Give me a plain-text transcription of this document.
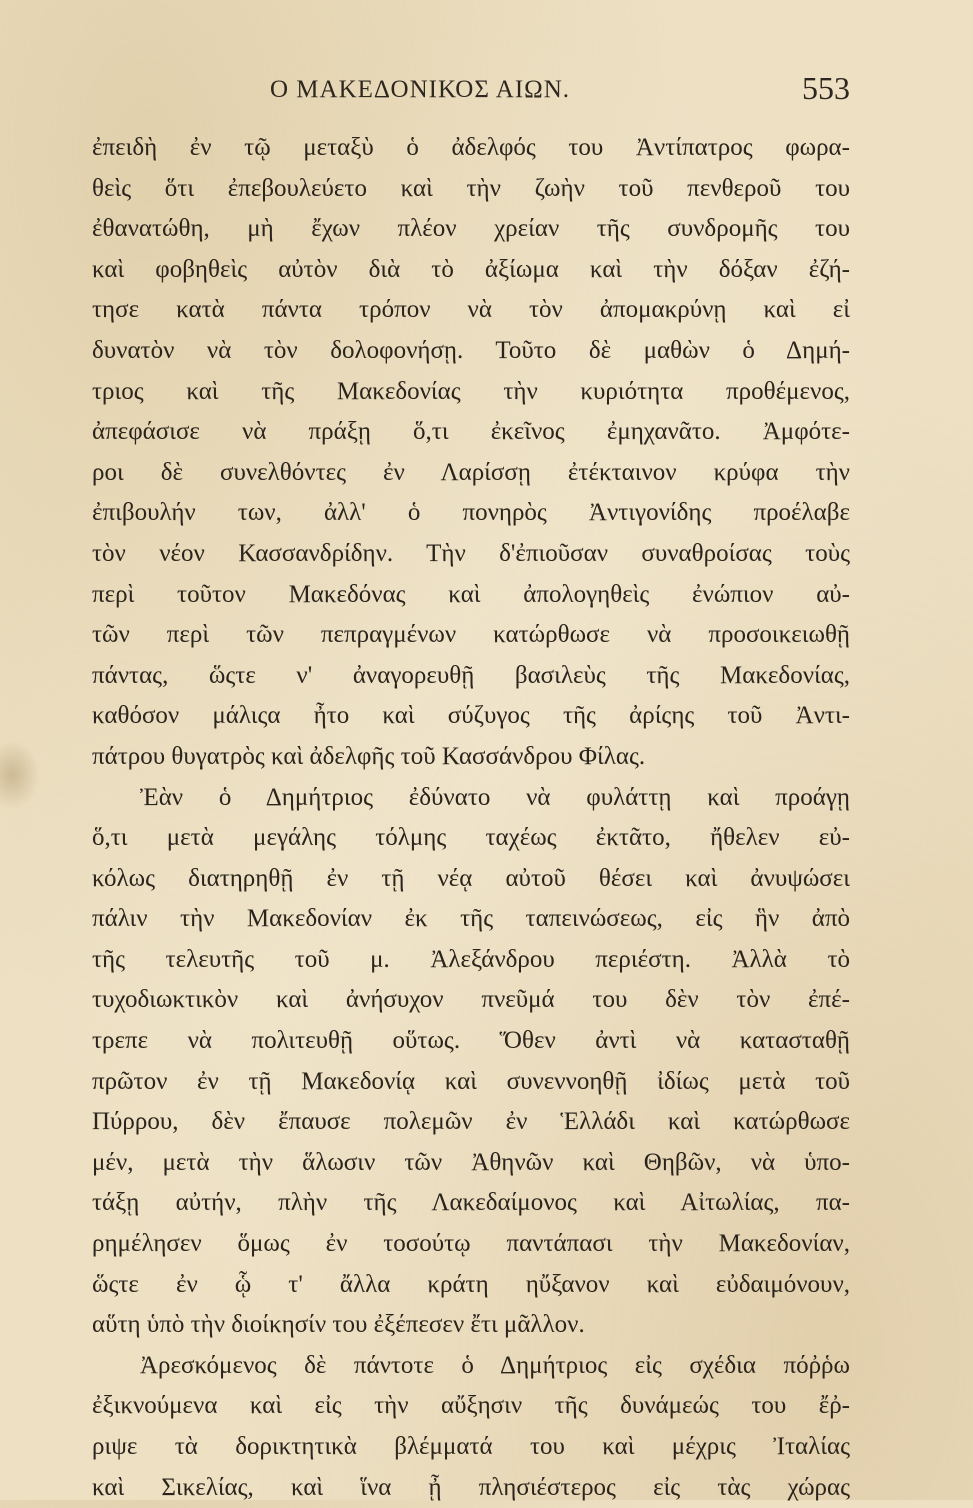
Ο ΜΑΚΕΔΟΝΙΚΟΣ ΑΙΩΝ.	553
ἐπειδὴ ἐν τῷ μεταξὺ ὁ ἀδελφός του Ἀντίπατρος φωρα-
θεὶς ὅτι ἐπεβουλεύετο καὶ τὴν ζωὴν τοῦ πενθεροῦ του
ἐθανατώθη, μὴ ἔχων πλέον χρείαν τῆς συνδρομῆς του
καὶ φοβηθεὶς αὐτὸν διὰ τὸ ἀξίωμα καὶ τὴν δόξαν ἐζή-
τησε κατὰ πάντα τρόπον νὰ τὸν ἀπομακρύνῃ καὶ εἰ
δυνατὸν νὰ τὸν δολοφονήσῃ. Τοῦτο δὲ μαθὼν ὁ Δημή-
τριος καὶ τῆς Μακεδονίας τὴν κυριότητα προθέμενος,
ἀπεφάσισε νὰ πράξῃ ὅ,τι ἐκεῖνος ἐμηχανᾶτο. Ἀμφότε-
ροι δὲ συνελθόντες ἐν Λαρίσσῃ ἐτέκταινον κρύφα τὴν
ἐπιβουλήν των, ἀλλ' ὁ πονηρὸς Ἀντιγονίδης προέλαβε
τὸν νέον Κασσανδρίδην. Τὴν δ'ἐπιοῦσαν συναθροίσας τοὺς
περὶ τοῦτον Μακεδόνας καὶ ἀπολογηθεὶς ἐνώπιον αὐ-
τῶν περὶ τῶν πεπραγμένων κατώρθωσε νὰ προσοικειωθῇ
πάντας, ὥςτε ν' ἀναγορευθῇ βασιλεὺς τῆς Μακεδονίας,
καθόσον μάλιςα ἦτο καὶ σύζυγος τῆς ἀρίςης τοῦ Ἀντι-
πάτρου θυγατρὸς καὶ ἀδελφῆς τοῦ Κασσάνδρου Φίλας.
Ἐὰν ὁ Δημήτριος ἐδύνατο νὰ φυλάττῃ καὶ προάγῃ
ὅ,τι μετὰ μεγάλης τόλμης ταχέως ἐκτᾶτο, ἤθελεν εὐ-
κόλως διατηρηθῇ ἐν τῇ νέᾳ αὐτοῦ θέσει καὶ ἀνυψώσει
πάλιν τὴν Μακεδονίαν ἐκ τῆς ταπεινώσεως, εἰς ἣν ἀπὸ
τῆς τελευτῆς τοῦ μ. Ἀλεξάνδρου περιέστη. Ἀλλὰ τὸ
τυχοδιωκτικὸν καὶ ἀνήσυχον πνεῦμά του δὲν τὸν ἐπέ-
τρεπε νὰ πολιτευθῇ οὕτως. Ὅθεν ἀντὶ νὰ κατασταθῇ
πρῶτον ἐν τῇ Μακεδονίᾳ καὶ συνεννοηθῇ ἰδίως μετὰ τοῦ
Πύρρου, δὲν ἔπαυσε πολεμῶν ἐν Ἑλλάδι καὶ κατώρθωσε
μέν, μετὰ τὴν ἅλωσιν τῶν Ἀθηνῶν καὶ Θηβῶν, νὰ ὑπο-
τάξῃ αὐτήν, πλὴν τῆς Λακεδαίμονος καὶ Αἰτωλίας, πα-
ρημέλησεν ὅμως ἐν τοσούτῳ παντάπασι τὴν Μακεδονίαν,
ὥςτε ἐν ᾧ τ' ἄλλα κράτη ηὔξανον καὶ εὐδαιμόνουν,
αὕτη ὑπὸ τὴν διοίκησίν του ἐξέπεσεν ἔτι μᾶλλον.
Ἀρεσκόμενος δὲ πάντοτε ὁ Δημήτριος εἰς σχέδια πόῤῥω
ἐξικνούμενα καὶ εἰς τὴν αὔξησιν τῆς δυνάμεώς του ἔῤ-
ριψε τὰ δορικτητικὰ βλέμματά του καὶ μέχρις Ἰταλίας
καὶ Σικελίας, καὶ ἵνα ᾖ πλησιέστερος εἰς τὰς χώρας
